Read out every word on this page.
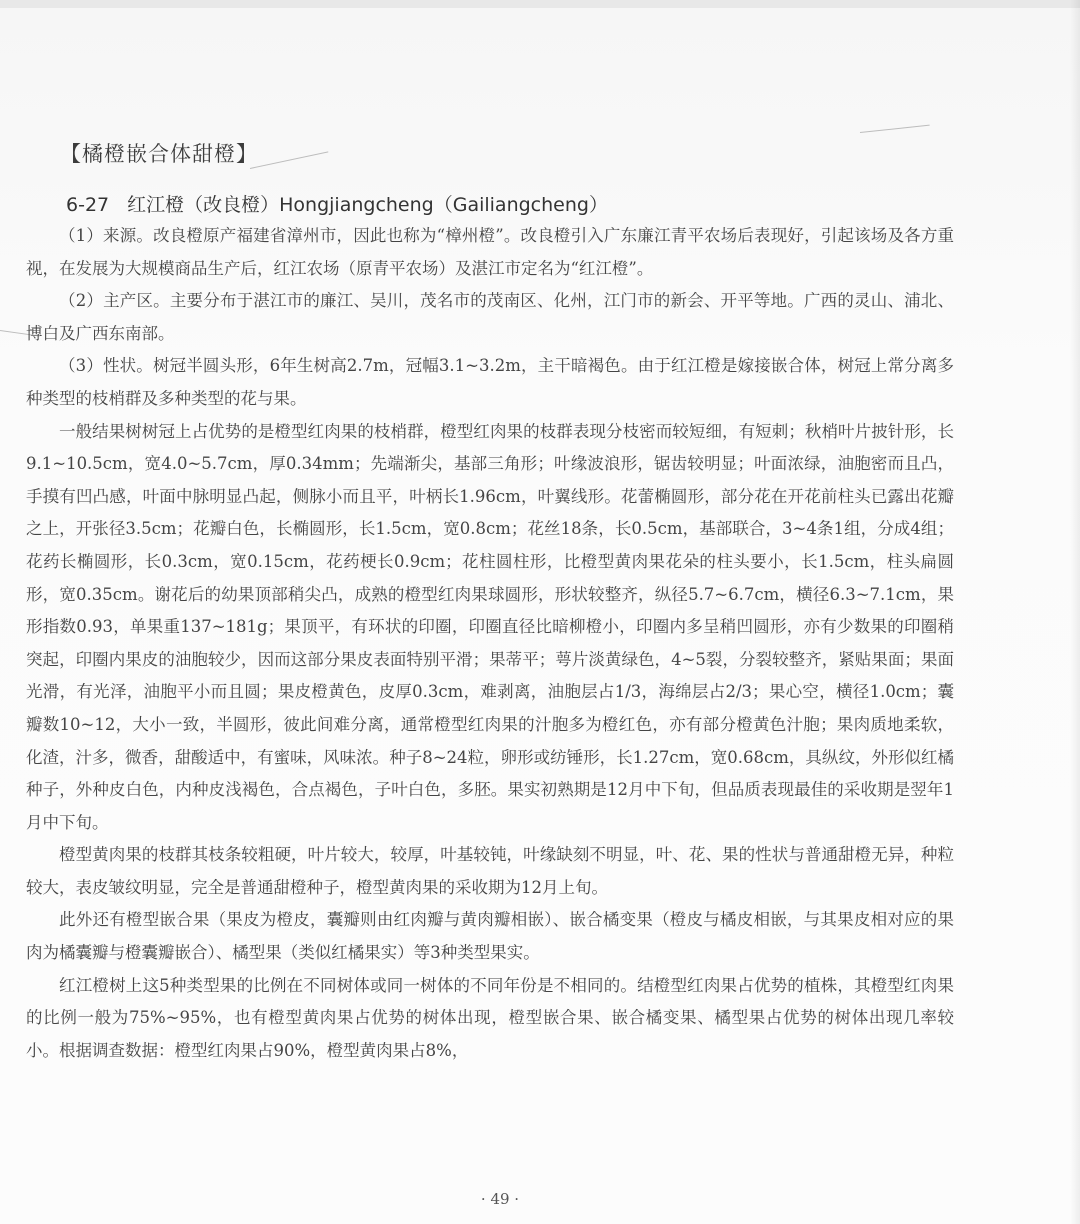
【橘橙嵌合体甜橙】
6-27 红江橙（改良橙）Hongjiangcheng（Gailiangcheng）

（1）来源。改良橙原产福建省漳州市，因此也称为“樟州橙”。改良橙引入广东廉江青平农场后表现好，引起该场及各方重视，在发展为大规模商品生产后，红江农场（原青平农场）及湛江市定名为“红江橙”。

（2）主产区。主要分布于湛江市的廉江、吴川，茂名市的茂南区、化州，江门市的新会、开平等地。广西的灵山、浦北、博白及广西东南部。

（3）性状。树冠半圆头形，6年生树高2.7m，冠幅3.1~3.2m，主干暗褐色。由于红江橙是嫁接嵌合体，树冠上常分离多种类型的枝梢群及多种类型的花与果。

一般结果树树冠上占优势的是橙型红肉果的枝梢群，橙型红肉果的枝群表现分枝密而较短细，有短刺；秋梢叶片披针形，长9.1~10.5cm，宽4.0~5.7cm，厚0.34mm；先端渐尖，基部三角形；叶缘波浪形，锯齿较明显；叶面浓绿，油胞密而且凸，手摸有凹凸感，叶面中脉明显凸起，侧脉小而且平，叶柄长1.96cm，叶翼线形。花蕾椭圆形，部分花在开花前柱头已露出花瓣之上，开张径3.5cm；花瓣白色，长椭圆形，长1.5cm，宽0.8cm；花丝18条，长0.5cm，基部联合，3~4条1组，分成4组；花药长椭圆形，长0.3cm，宽0.15cm，花药梗长0.9cm；花柱圆柱形，比橙型黄肉果花朵的柱头要小，长1.5cm，柱头扁圆形，宽0.35cm。谢花后的幼果顶部稍尖凸，成熟的橙型红肉果球圆形，形状较整齐，纵径5.7~6.7cm，横径6.3~7.1cm，果形指数0.93，单果重137~181g；果顶平，有环状的印圈，印圈直径比暗柳橙小，印圈内多呈稍凹圆形，亦有少数果的印圈稍突起，印圈内果皮的油胞较少，因而这部分果皮表面特别平滑；果蒂平；萼片淡黄绿色，4~5裂，分裂较整齐，紧贴果面；果面光滑，有光泽，油胞平小而且圆；果皮橙黄色，皮厚0.3cm，难剥离，油胞层占1/3，海绵层占2/3；果心空，横径1.0cm；囊瓣数10~12，大小一致，半圆形，彼此间难分离，通常橙型红肉果的汁胞多为橙红色，亦有部分橙黄色汁胞；果肉质地柔软，化渣，汁多，微香，甜酸适中，有蜜味，风味浓。种子8~24粒，卵形或纺锤形，长1.27cm，宽0.68cm，具纵纹，外形似红橘种子，外种皮白色，内种皮浅褐色，合点褐色，子叶白色，多胚。果实初熟期是12月中下旬，但品质表现最佳的采收期是翌年1月中下旬。

橙型黄肉果的枝群其枝条较粗硬，叶片较大，较厚，叶基较钝，叶缘缺刻不明显，叶、花、果的性状与普通甜橙无异，种粒较大，表皮皱纹明显，完全是普通甜橙种子，橙型黄肉果的采收期为12月上旬。

此外还有橙型嵌合果（果皮为橙皮，囊瓣则由红肉瓣与黄肉瓣相嵌）、嵌合橘变果（橙皮与橘皮相嵌，与其果皮相对应的果肉为橘囊瓣与橙囊瓣嵌合）、橘型果（类似红橘果实）等3种类型果实。

红江橙树上这5种类型果的比例在不同树体或同一树体的不同年份是不相同的。结橙型红肉果占优势的植株，其橙型红肉果的比例一般为75%~95%，也有橙型黄肉果占优势的树体出现，橙型嵌合果、嵌合橘变果、橘型果占优势的树体出现几率较小。根据调查数据：橙型红肉果占90%，橙型黄肉果占8%，

· 49 ·
